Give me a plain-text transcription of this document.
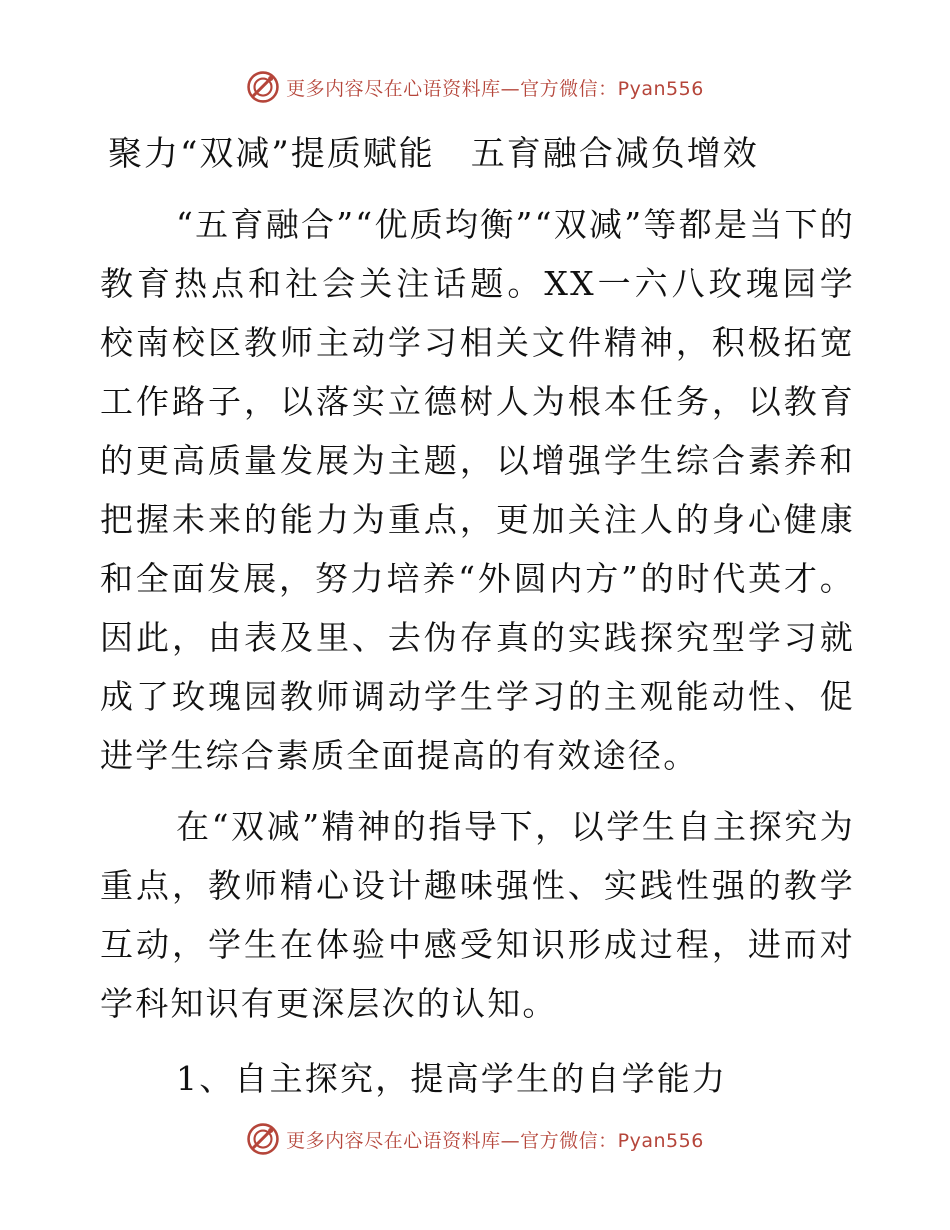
更多内容尽在心语资料库—官方微信：Pyan556
聚力“双减”提质赋能　五育融合减负增效

“五育融合”“优质均衡”“双减”等都是当下的教育热点和社会关注话题。XX一六八玫瑰园学校南校区教师主动学习相关文件精神，积极拓宽工作路子，以落实立德树人为根本任务，以教育的更高质量发展为主题，以增强学生综合素养和把握未来的能力为重点，更加关注人的身心健康和全面发展，努力培养“外圆内方”的时代英才。因此，由表及里、去伪存真的实践探究型学习就成了玫瑰园教师调动学生学习的主观能动性、促进学生综合素质全面提高的有效途径。

在“双减”精神的指导下，以学生自主探究为重点，教师精心设计趣味强性、实践性强的教学互动，学生在体验中感受知识形成过程，进而对学科知识有更深层次的认知。

1、自主探究，提高学生的自学能力

更多内容尽在心语资料库—官方微信：Pyan556
